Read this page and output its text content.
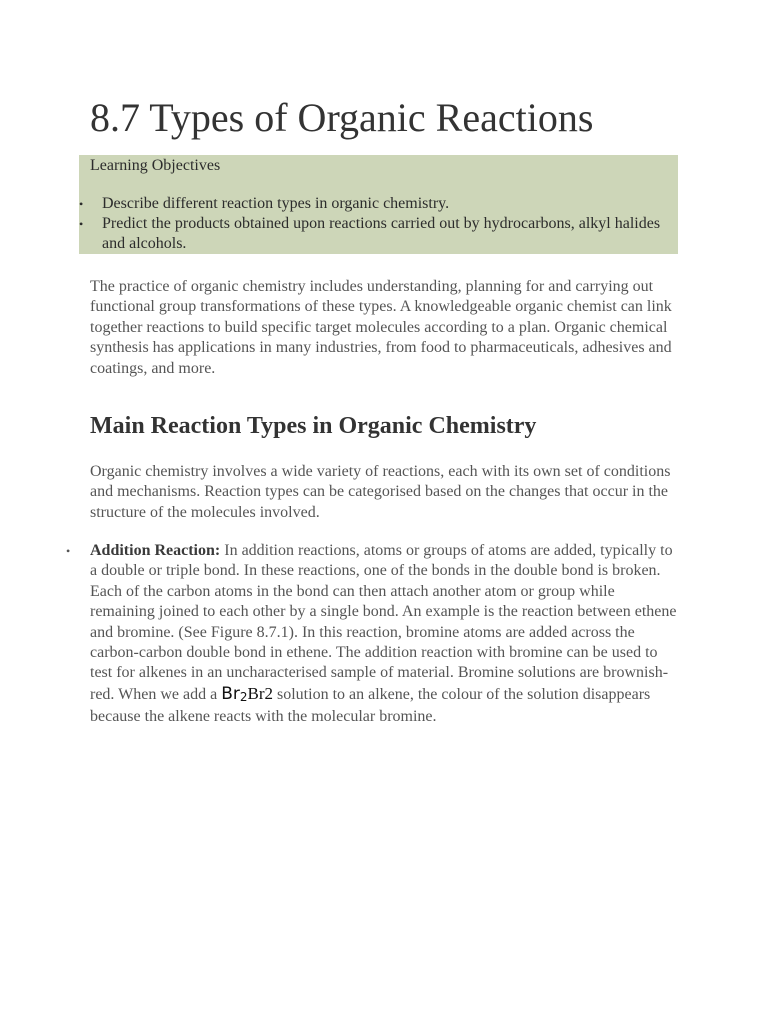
8.7 Types of Organic Reactions
Learning Objectives
• Describe different reaction types in organic chemistry.
• Predict the products obtained upon reactions carried out by hydrocarbons, alkyl halides and alcohols.

The practice of organic chemistry includes understanding, planning for and carrying out functional group transformations of these types. A knowledgeable organic chemist can link together reactions to build specific target molecules according to a plan. Organic chemical synthesis has applications in many industries, from food to pharmaceuticals, adhesives and coatings, and more.

Main Reaction Types in Organic Chemistry

Organic chemistry involves a wide variety of reactions, each with its own set of conditions and mechanisms. Reaction types can be categorised based on the changes that occur in the structure of the molecules involved.

• Addition Reaction: In addition reactions, atoms or groups of atoms are added, typically to a double or triple bond. In these reactions, one of the bonds in the double bond is broken. Each of the carbon atoms in the bond can then attach another atom or group while remaining joined to each other by a single bond. An example is the reaction between ethene and bromine. (See Figure 8.7.1). In this reaction, bromine atoms are added across the carbon-carbon double bond in ethene. The addition reaction with bromine can be used to test for alkenes in an uncharacterised sample of material. Bromine solutions are brownish-red. When we add a $Br_2Br2$ solution to an alkene, the colour of the solution disappears because the alkene reacts with the molecular bromine.
